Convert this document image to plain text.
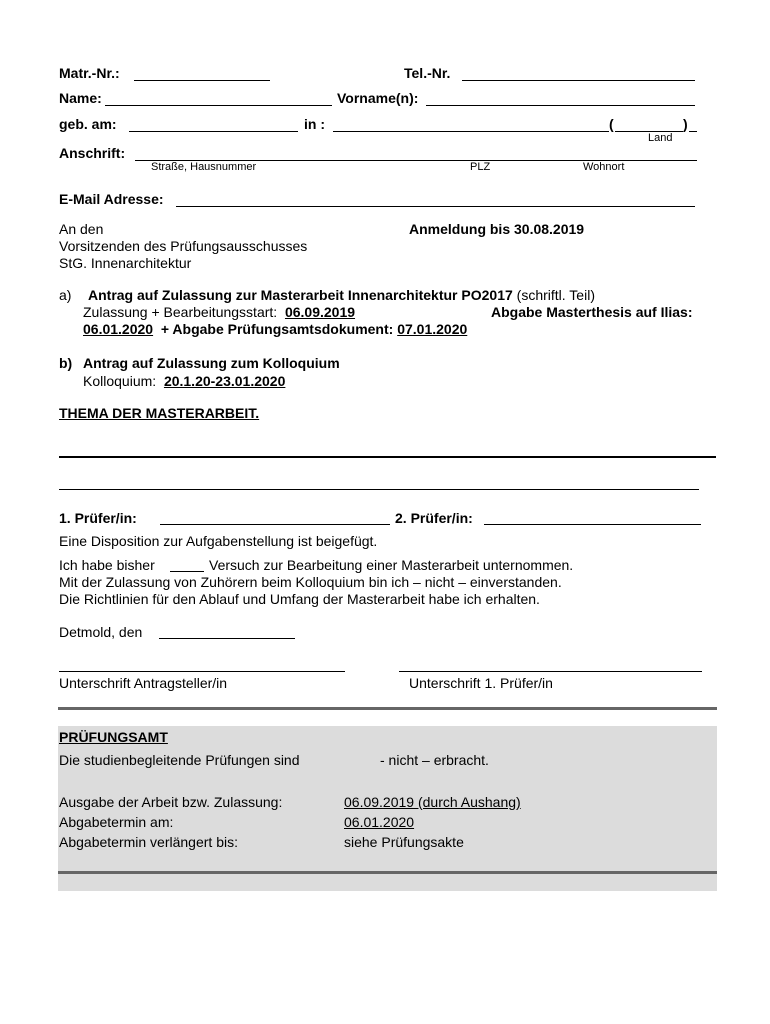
Matr.-Nr.:	Tel.-Nr.
Name:	Vorname(n):
geb. am:	in :	(	)
Land
Anschrift:
Straße, Hausnummer	PLZ	Wohnort
E-Mail Adresse:
An den
Vorsitzenden des Prüfungsausschusses
StG. Innenarchitektur
Anmeldung bis 30.08.2019
a) Antrag auf Zulassung zur Masterarbeit Innenarchitektur PO2017 (schriftl. Teil)
Zulassung + Bearbeitungsstart: 06.09.2019	Abgabe Masterthesis auf Ilias:
06.01.2020 + Abgabe Prüfungsamtsdokument: 07.01.2020
b) Antrag auf Zulassung zum Kolloquium
Kolloquium: 20.1.20-23.01.2020
THEMA DER MASTERARBEIT.
1. Prüfer/in:	2. Prüfer/in:
Eine Disposition zur Aufgabenstellung ist beigefügt.
Ich habe bisher	Versuch zur Bearbeitung einer Masterarbeit unternommen.
Mit der Zulassung von Zuhörern beim Kolloquium bin ich – nicht – einverstanden.
Die Richtlinien für den Ablauf und Umfang der Masterarbeit habe ich erhalten.
Detmold, den
Unterschrift Antragsteller/in	Unterschrift 1. Prüfer/in
PRÜFUNGSAMT
Die studienbegleitende Prüfungen sind	- nicht – erbracht.
Ausgabe der Arbeit bzw. Zulassung:	06.09.2019 (durch Aushang)
Abgabetermin am:	06.01.2020
Abgabetermin verlängert bis:	siehe Prüfungsakte
